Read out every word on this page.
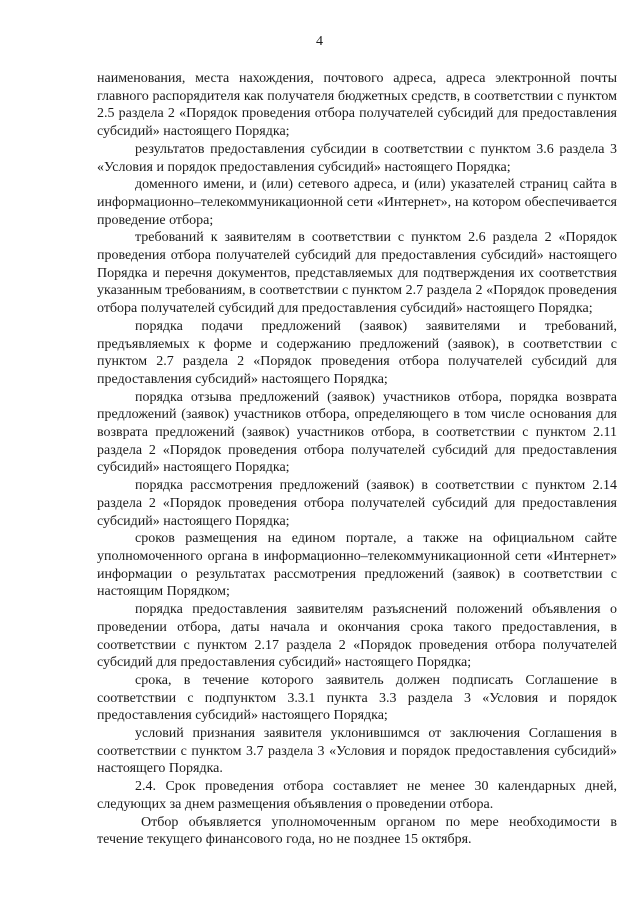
4

наименования, места нахождения, почтового адреса, адреса электронной почты главного распорядителя как получателя бюджетных средств, в соответствии с пунктом 2.5 раздела 2 «Порядок проведения отбора получателей субсидий для предоставления субсидий» настоящего Порядка;

результатов предоставления субсидии в соответствии с пунктом 3.6 раздела 3 «Условия и порядок предоставления субсидий» настоящего Порядка;

доменного имени, и (или) сетевого адреса, и (или) указателей страниц сайта в информационно–телекоммуникационной сети «Интернет», на котором обеспечивается проведение отбора;

требований к заявителям в соответствии с пунктом 2.6 раздела 2 «Порядок проведения отбора получателей субсидий для предоставления субсидий» настоящего Порядка и перечня документов, представляемых для подтверждения их соответствия указанным требованиям, в соответствии с пунктом 2.7 раздела 2 «Порядок проведения отбора получателей субсидий для предоставления субсидий» настоящего Порядка;

порядка подачи предложений (заявок) заявителями и требований, предъявляемых к форме и содержанию предложений (заявок), в соответствии с пунктом 2.7 раздела 2 «Порядок проведения отбора получателей субсидий для предоставления субсидий» настоящего Порядка;

порядка отзыва предложений (заявок) участников отбора, порядка возврата предложений (заявок) участников отбора, определяющего в том числе основания для возврата предложений (заявок) участников отбора, в соответствии с пунктом 2.11 раздела 2 «Порядок проведения отбора получателей субсидий для предоставления субсидий» настоящего Порядка;

порядка рассмотрения предложений (заявок) в соответствии с пунктом 2.14 раздела 2 «Порядок проведения отбора получателей субсидий для предоставления субсидий» настоящего Порядка;

сроков размещения на едином портале, а также на официальном сайте уполномоченного органа в информационно–телекоммуникационной сети «Интернет» информации о результатах рассмотрения предложений (заявок) в соответствии с настоящим Порядком;

порядка предоставления заявителям разъяснений положений объявления о проведении отбора, даты начала и окончания срока такого предоставления, в соответствии с пунктом 2.17 раздела 2 «Порядок проведения отбора получателей субсидий для предоставления субсидий» настоящего Порядка;

срока, в течение которого заявитель должен подписать Соглашение в соответствии с подпунктом 3.3.1 пункта 3.3 раздела 3 «Условия и порядок предоставления субсидий» настоящего Порядка;

условий признания заявителя уклонившимся от заключения Соглашения в соответствии с пунктом 3.7 раздела 3 «Условия и порядок предоставления субсидий» настоящего Порядка.

2.4. Срок проведения отбора составляет не менее 30 календарных дней, следующих за днем размещения объявления о проведении отбора.

Отбор объявляется уполномоченным органом по мере необходимости в течение текущего финансового года, но не позднее 15 октября.
